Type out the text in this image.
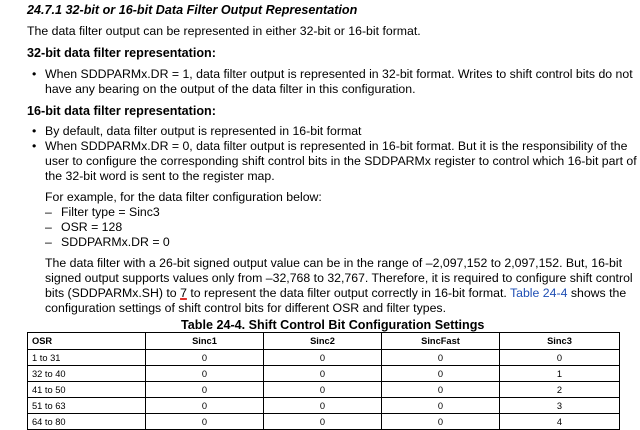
24.7.1 32-bit or 16-bit Data Filter Output Representation
The data filter output can be represented in either 32-bit or 16-bit format.
32-bit data filter representation:
• When SDDPARMx.DR = 1, data filter output is represented in 32-bit format. Writes to shift control bits do not
have any bearing on the output of the data filter in this configuration.
16-bit data filter representation:
• By default, data filter output is represented in 16-bit format
• When SDDPARMx.DR = 0, data filter output is represented in 16-bit format. But it is the responsibility of the
user to configure the corresponding shift control bits in the SDDPARMx register to control which 16-bit part of
the 32-bit word is sent to the register map.
For example, for the data filter configuration below:
– Filter type = Sinc3
– OSR = 128
– SDDPARMx.DR = 0
The data filter with a 26-bit signed output value can be in the range of –2,097,152 to 2,097,152. But, 16-bit
signed output supports values only from –32,768 to 32,767. Therefore, it is required to configure shift control
bits (SDDPARMx.SH) to 7 to represent the data filter output correctly in 16-bit format. Table 24-4 shows the
configuration settings of shift control bits for different OSR and filter types.
Table 24-4. Shift Control Bit Configuration Settings
OSR	Sinc1	Sinc2	SincFast	Sinc3
1 to 31	0	0	0	0
32 to 40	0	0	0	1
41 to 50	0	0	0	2
51 to 63	0	0	0	3
64 to 80	0	0	0	4
